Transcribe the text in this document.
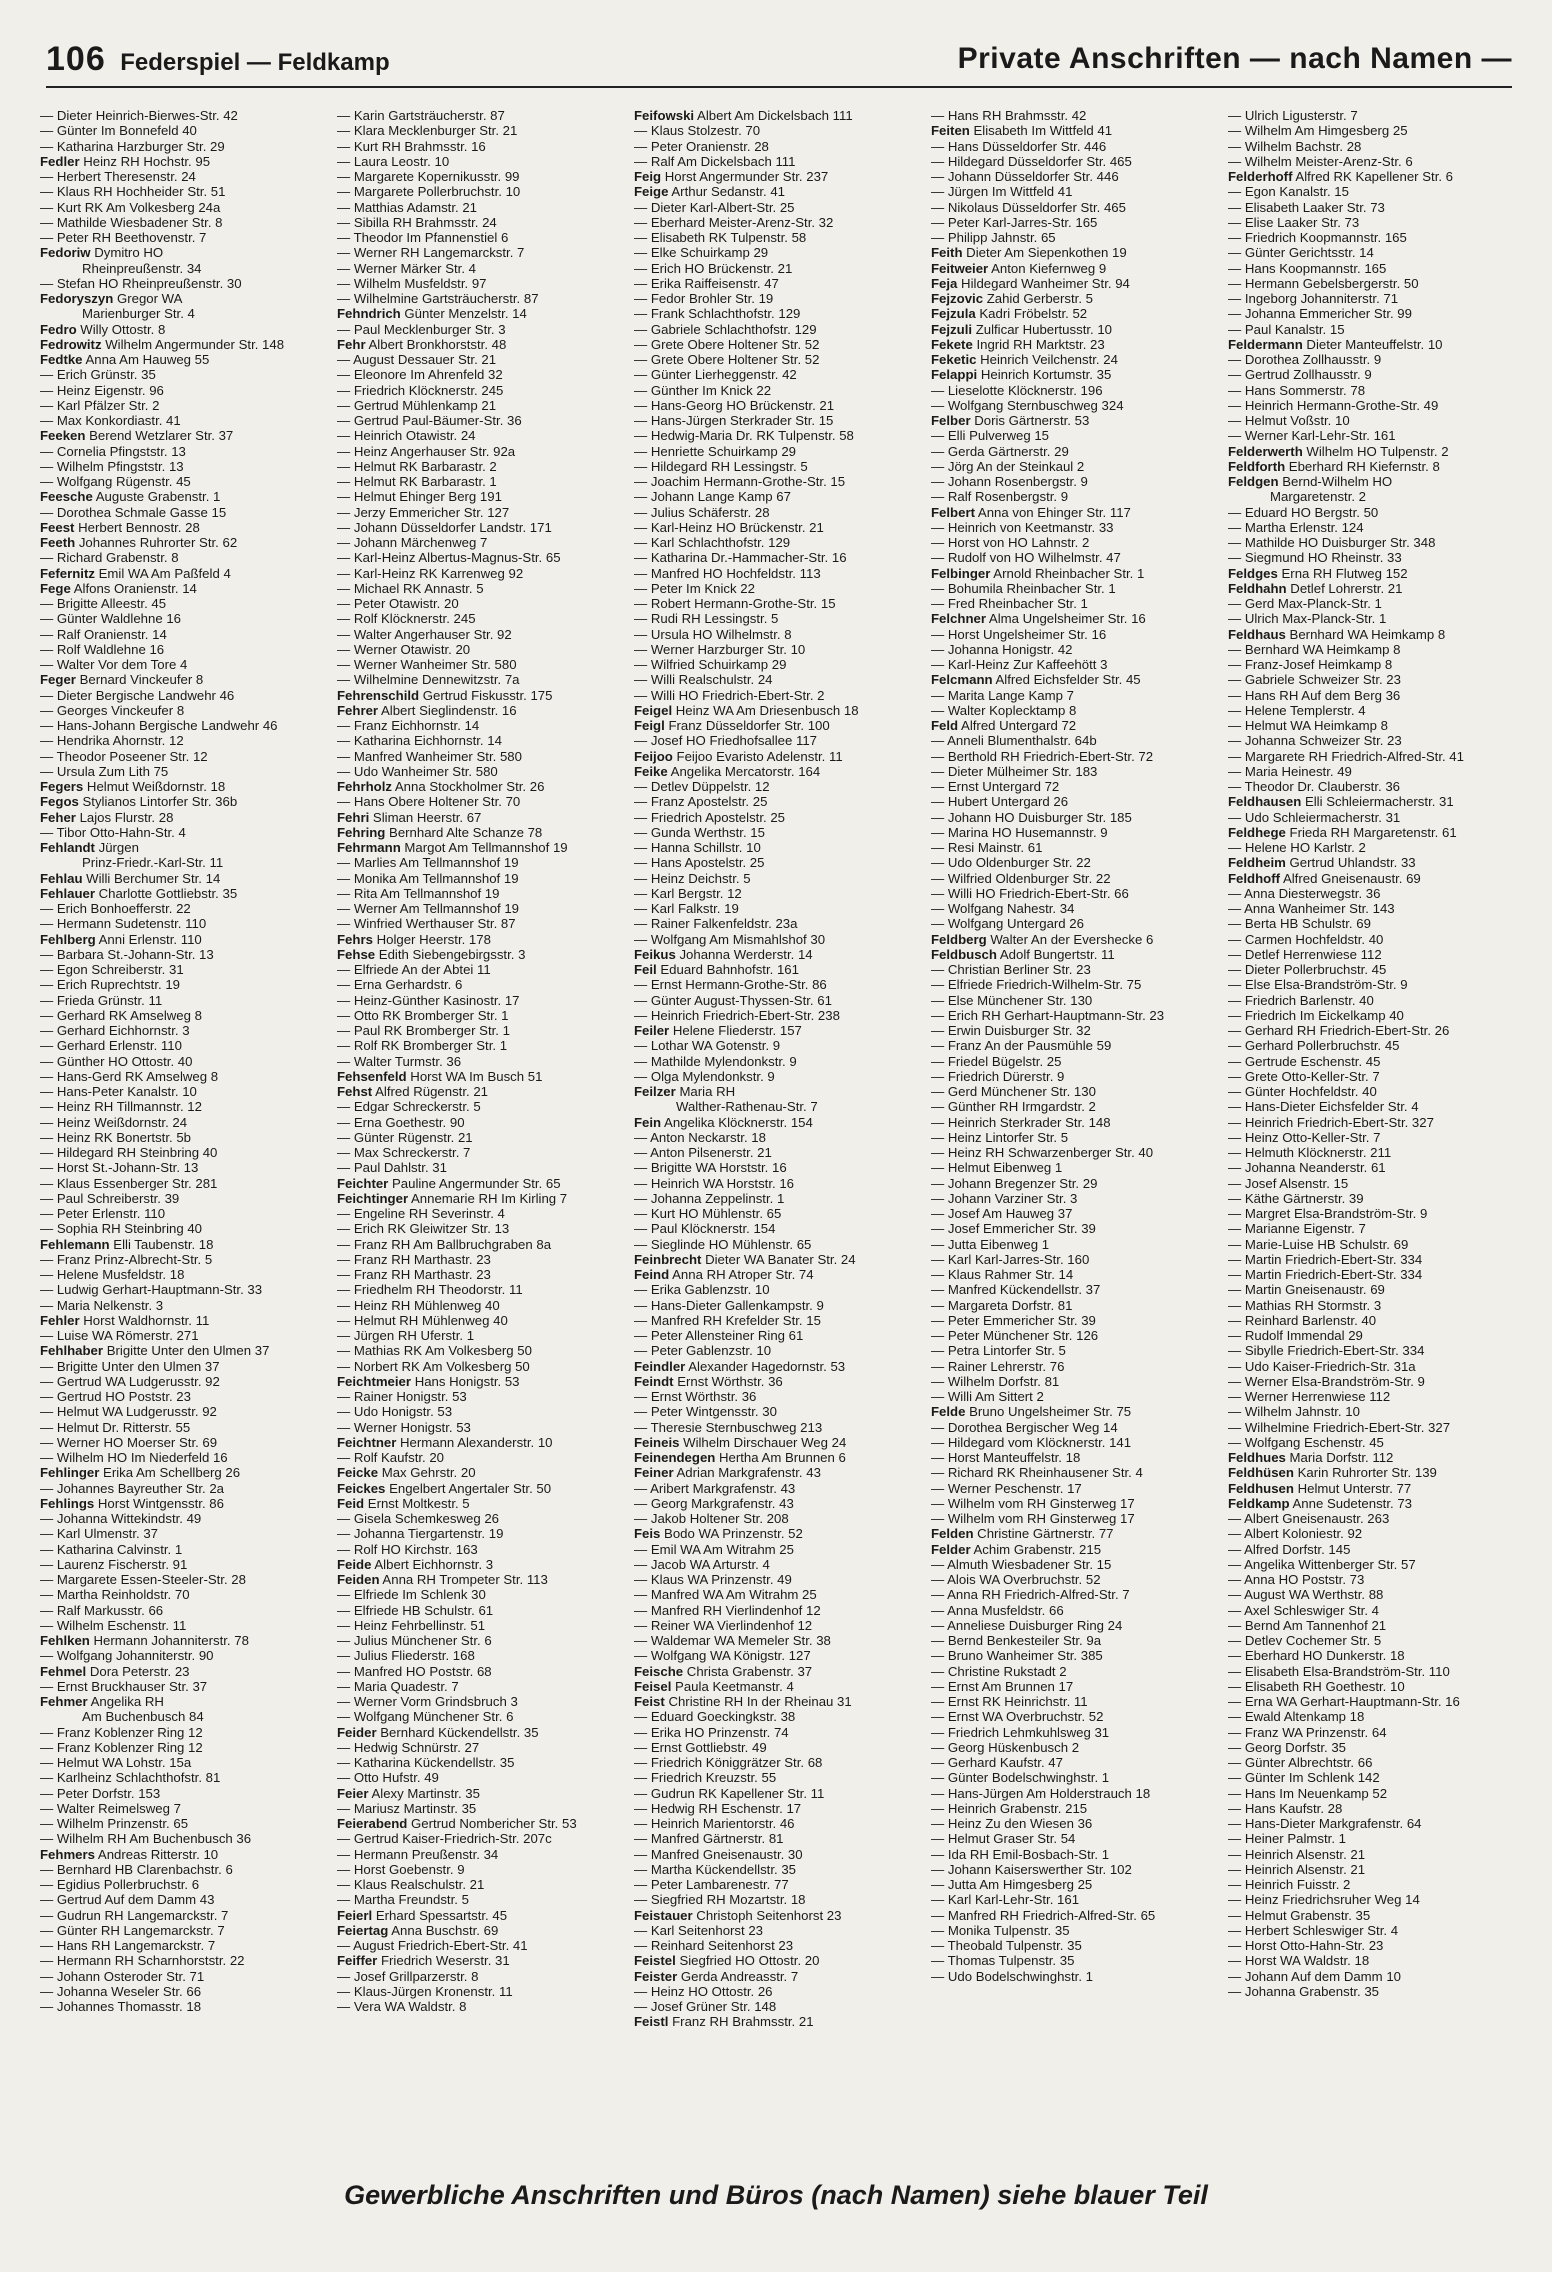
106 Federspiel — Feldkamp	Private Anschriften — nach Namen —
— Dieter Heinrich-Bierwes-Str. 42
— Günter Im Bonnefeld 40
— Katharina Harzburger Str. 29
Fedler Heinz RH Hochstr. 95
— Herbert Theresenstr. 24
— Klaus RH Hochheider Str. 51
— Kurt RK Am Volkesberg 24a
— Mathilde Wiesbadener Str. 8
— Peter RH Beethovenstr. 7
Fedoriw Dymitro HO
Rheinpreußenstr. 34
— Stefan HO Rheinpreußenstr. 30
Fedoryszyn Gregor WA
Marienburger Str. 4
Fedro Willy Ottostr. 8
Fedrowitz Wilhelm Angermunder Str. 148
Fedtke Anna Am Hauweg 55
— Erich Grünstr. 35
— Heinz Eigenstr. 96
— Karl Pfälzer Str. 2
— Max Konkordiastr. 41
Feeken Berend Wetzlarer Str. 37
— Cornelia Pfingststr. 13
— Wilhelm Pfingststr. 13
— Wolfgang Rügenstr. 45
Feesche Auguste Grabenstr. 1
— Dorothea Schmale Gasse 15
Feest Herbert Bennostr. 28
Feeth Johannes Ruhrorter Str. 62
— Richard Grabenstr. 8
Fefernitz Emil WA Am Paßfeld 4
Fege Alfons Oranienstr. 14
— Brigitte Alleestr. 45
— Günter Waldlehne 16
— Ralf Oranienstr. 14
— Rolf Waldlehne 16
— Walter Vor dem Tore 4
Feger Bernard Vinckeufer 8
— Dieter Bergische Landwehr 46
— Georges Vinckeufer 8
— Hans-Johann Bergische Landwehr 46
— Hendrika Ahornstr. 12
— Theodor Poseener Str. 12
— Ursula Zum Lith 75
Fegers Helmut Weißdornstr. 18
Fegos Stylianos Lintorfer Str. 36b
Feher Lajos Flurstr. 28
— Tibor Otto-Hahn-Str. 4
Fehlandt Jürgen
Prinz-Friedr.-Karl-Str. 11
Fehlau Willi Berchumer Str. 14
Fehlauer Charlotte Gottliebstr. 35
— Erich Bonhoefferstr. 22
— Hermann Sudetenstr. 110
Fehlberg Anni Erlenstr. 110
— Barbara St.-Johann-Str. 13
— Egon Schreiberstr. 31
— Erich Ruprechtstr. 19
— Frieda Grünstr. 11
— Gerhard RK Amselweg 8
— Gerhard Eichhornstr. 3
— Gerhard Erlenstr. 110
— Günther HO Ottostr. 40
— Hans-Gerd RK Amselweg 8
— Hans-Peter Kanalstr. 10
— Heinz RH Tillmannstr. 12
— Heinz Weißdornstr. 24
— Heinz RK Bonertstr. 5b
— Hildegard RH Steinbring 40
— Horst St.-Johann-Str. 13
— Klaus Essenberger Str. 281
— Paul Schreiberstr. 39
— Peter Erlenstr. 110
— Sophia RH Steinbring 40
Fehlemann Elli Taubenstr. 18
— Franz Prinz-Albrecht-Str. 5
— Helene Musfeldstr. 18
— Ludwig Gerhart-Hauptmann-Str. 33
— Maria Nelkenstr. 3
Fehler Horst Waldhornstr. 11
— Luise WA Römerstr. 271
Fehlhaber Brigitte Unter den Ulmen 37
— Brigitte Unter den Ulmen 37
— Gertrud WA Ludgerusstr. 92
— Gertrud HO Poststr. 23
— Helmut WA Ludgerusstr. 92
— Helmut Dr. Ritterstr. 55
— Werner HO Moerser Str. 69
— Wilhelm HO Im Niederfeld 16
Fehlinger Erika Am Schellberg 26
— Johannes Bayreuther Str. 2a
Fehlings Horst Wintgensstr. 86
— Johanna Wittekindstr. 49
— Karl Ulmenstr. 37
— Katharina Calvinstr. 1
— Laurenz Fischerstr. 91
— Margarete Essen-Steeler-Str. 28
— Martha Reinholdstr. 70
— Ralf Markusstr. 66
— Wilhelm Eschenstr. 11
Fehlken Hermann Johanniterstr. 78
— Wolfgang Johanniterstr. 90
Fehmel Dora Peterstr. 23
— Ernst Bruckhauser Str. 37
Fehmer Angelika RH
Am Buchenbusch 84
— Franz Koblenzer Ring 12
— Franz Koblenzer Ring 12
— Helmut WA Lohstr. 15a
— Karlheinz Schlachthofstr. 81
— Peter Dorfstr. 153
— Walter Reimelsweg 7
— Wilhelm Prinzenstr. 65
— Wilhelm RH Am Buchenbusch 36
Fehmers Andreas Ritterstr. 10
— Bernhard HB Clarenbachstr. 6
— Egidius Pollerbruchstr. 6
— Gertrud Auf dem Damm 43
— Gudrun RH Langemarckstr. 7
— Günter RH Langemarckstr. 7
— Hans RH Langemarckstr. 7
— Hermann RH Scharnhorststr. 22
— Johann Osteroder Str. 71
— Johanna Weseler Str. 66
— Johannes Thomasstr. 18
— Karin Gartsträucherstr. 87
— Klara Mecklenburger Str. 21
— Kurt RH Brahmsstr. 16
— Laura Leostr. 10
— Margarete Kopernikusstr. 99
— Margarete Pollerbruchstr. 10
— Matthias Adamstr. 21
— Sibilla RH Brahmsstr. 24
— Theodor Im Pfannenstiel 6
— Werner RH Langemarckstr. 7
— Werner Märker Str. 4
— Wilhelm Musfeldstr. 97
— Wilhelmine Gartsträucherstr. 87
Fehndrich Günter Menzelstr. 14
— Paul Mecklenburger Str. 3
Fehr Albert Bronkhorststr. 48
— August Dessauer Str. 21
— Eleonore Im Ahrenfeld 32
— Friedrich Klöcknerstr. 245
— Gertrud Mühlenkamp 21
— Gertrud Paul-Bäumer-Str. 36
— Heinrich Otawistr. 24
— Heinz Angerhauser Str. 92a
— Helmut RK Barbarastr. 2
— Helmut RK Barbarastr. 1
— Helmut Ehinger Berg 191
— Jerzy Emmericher Str. 127
— Johann Düsseldorfer Landstr. 171
— Johann Märchenweg 7
— Karl-Heinz Albertus-Magnus-Str. 65
— Karl-Heinz RK Karrenweg 92
— Michael RK Annastr. 5
— Peter Otawistr. 20
— Rolf Klöcknerstr. 245
— Walter Angerhauser Str. 92
— Werner Otawistr. 20
— Werner Wanheimer Str. 580
— Wilhelmine Dennewitzstr. 7a
Fehrenschild Gertrud Fiskusstr. 175
Fehrer Albert Sieglindenstr. 16
— Franz Eichhornstr. 14
— Katharina Eichhornstr. 14
— Manfred Wanheimer Str. 580
— Udo Wanheimer Str. 580
Fehrholz Anna Stockholmer Str. 26
— Hans Obere Holtener Str. 70
Fehri Sliman Heerstr. 67
Fehring Bernhard Alte Schanze 78
Fehrmann Margot Am Tellmannshof 19
— Marlies Am Tellmannshof 19
— Monika Am Tellmannshof 19
— Rita Am Tellmannshof 19
— Werner Am Tellmannshof 19
— Winfried Werthauser Str. 87
Fehrs Holger Heerstr. 178
Fehse Edith Siebengebirgsstr. 3
— Elfriede An der Abtei 11
— Erna Gerhardstr. 6
— Heinz-Günther Kasinostr. 17
— Otto RK Bromberger Str. 1
— Paul RK Bromberger Str. 1
— Rolf RK Bromberger Str. 1
— Walter Turmstr. 36
Fehsenfeld Horst WA Im Busch 51
Fehst Alfred Rügenstr. 21
— Edgar Schreckerstr. 5
— Erna Goethestr. 90
— Günter Rügenstr. 21
— Max Schreckerstr. 7
— Paul Dahlstr. 31
Feichter Pauline Angermunder Str. 65
Feichtinger Annemarie RH Im Kirling 7
— Engeline RH Severinstr. 4
— Erich RK Gleiwitzer Str. 13
— Franz RH Am Ballbruchgraben 8a
— Franz RH Marthastr. 23
— Franz RH Marthastr. 23
— Friedhelm RH Theodorstr. 11
— Heinz RH Mühlenweg 40
— Helmut RH Mühlenweg 40
— Jürgen RH Uferstr. 1
— Mathias RK Am Volkesberg 50
— Norbert RK Am Volkesberg 50
Feichtmeier Hans Honigstr. 53
— Rainer Honigstr. 53
— Udo Honigstr. 53
— Werner Honigstr. 53
Feichtner Hermann Alexanderstr. 10
— Rolf Kaufstr. 20
Feicke Max Gehrstr. 20
Feickes Engelbert Angertaler Str. 50
Feid Ernst Moltkestr. 5
— Gisela Schemkesweg 26
— Johanna Tiergartenstr. 19
— Rolf HO Kirchstr. 163
Feide Albert Eichhornstr. 3
Feiden Anna RH Trompeter Str. 113
— Elfriede Im Schlenk 30
— Elfriede HB Schulstr. 61
— Heinz Fehrbellinstr. 51
— Julius Münchener Str. 6
— Julius Fliederstr. 168
— Manfred HO Poststr. 68
— Maria Quadestr. 7
— Werner Vorm Grindsbruch 3
— Wolfgang Münchener Str. 6
Feider Bernhard Kückendellstr. 35
— Hedwig Schnürstr. 27
— Katharina Kückendellstr. 35
— Otto Hufstr. 49
Feier Alexy Martinstr. 35
— Mariusz Martinstr. 35
Feierabend Gertrud Nombericher Str. 53
— Gertrud Kaiser-Friedrich-Str. 207c
— Hermann Preußenstr. 34
— Horst Goebenstr. 9
— Klaus Realschulstr. 21
— Martha Freundstr. 5
Feierl Erhard Spessartstr. 45
Feiertag Anna Buschstr. 69
— August Friedrich-Ebert-Str. 41
Feiffer Friedrich Weserstr. 31
— Josef Grillparzerstr. 8
— Klaus-Jürgen Kronenstr. 11
— Vera WA Waldstr. 8
Feifowski Albert Am Dickelsbach 111
— Klaus Stolzestr. 70
— Peter Oranienstr. 28
— Ralf Am Dickelsbach 111
Feig Horst Angermunder Str. 237
Feige Arthur Sedanstr. 41
— Dieter Karl-Albert-Str. 25
— Eberhard Meister-Arenz-Str. 32
— Elisabeth RK Tulpenstr. 58
— Elke Schuirkamp 29
— Erich HO Brückenstr. 21
— Erika Raiffeisenstr. 47
— Fedor Brohler Str. 19
— Frank Schlachthofstr. 129
— Gabriele Schlachthofstr. 129
— Grete Obere Holtener Str. 52
— Grete Obere Holtener Str. 52
— Günter Lierheggenstr. 42
— Günther Im Knick 22
— Hans-Georg HO Brückenstr. 21
— Hans-Jürgen Sterkrader Str. 15
— Hedwig-Maria Dr. RK Tulpenstr. 58
— Henriette Schuirkamp 29
— Hildegard RH Lessingstr. 5
— Joachim Hermann-Grothe-Str. 15
— Johann Lange Kamp 67
— Julius Schäferstr. 28
— Karl-Heinz HO Brückenstr. 21
— Karl Schlachthofstr. 129
— Katharina Dr.-Hammacher-Str. 16
— Manfred HO Hochfeldstr. 113
— Peter Im Knick 22
— Robert Hermann-Grothe-Str. 15
— Rudi RH Lessingstr. 5
— Ursula HO Wilhelmstr. 8
— Werner Harzburger Str. 10
— Wilfried Schuirkamp 29
— Willi Realschulstr. 24
— Willi HO Friedrich-Ebert-Str. 2
Feigel Heinz WA Am Driesenbusch 18
Feigl Franz Düsseldorfer Str. 100
— Josef HO Friedhofsallee 117
Feijoo Feijoo Evaristo Adelenstr. 11
Feike Angelika Mercatorstr. 164
— Detlev Düppelstr. 12
— Franz Apostelstr. 25
— Friedrich Apostelstr. 25
— Gunda Werthstr. 15
— Hanna Schillstr. 10
— Hans Apostelstr. 25
— Heinz Deichstr. 5
— Karl Bergstr. 12
— Karl Falkstr. 19
— Rainer Falkenfeldstr. 23a
— Wolfgang Am Mismahlshof 30
Feikus Johanna Werderstr. 14
Feil Eduard Bahnhofstr. 161
— Ernst Hermann-Grothe-Str. 86
— Günter August-Thyssen-Str. 61
— Heinrich Friedrich-Ebert-Str. 238
Feiler Helene Fliederstr. 157
— Lothar WA Gotenstr. 9
— Mathilde Mylendonkstr. 9
— Olga Mylendonkstr. 9
Feilzer Maria RH
Walther-Rathenau-Str. 7
Fein Angelika Klöcknerstr. 154
— Anton Neckarstr. 18
— Anton Pilsenerstr. 21
— Brigitte WA Horststr. 16
— Heinrich WA Horststr. 16
— Johanna Zeppelinstr. 1
— Kurt HO Mühlenstr. 65
— Paul Klöcknerstr. 154
— Sieglinde HO Mühlenstr. 65
Feinbrecht Dieter WA Banater Str. 24
Feind Anna RH Atroper Str. 74
— Erika Gablenzstr. 10
— Hans-Dieter Gallenkampstr. 9
— Manfred RH Krefelder Str. 15
— Peter Allensteiner Ring 61
— Peter Gablenzstr. 10
Feindler Alexander Hagedornstr. 53
Feindt Ernst Wörthstr. 36
— Ernst Wörthstr. 36
— Peter Wintgensstr. 30
— Theresie Sternbuschweg 213
Feineis Wilhelm Dirschauer Weg 24
Feinendegen Hertha Am Brunnen 6
Feiner Adrian Markgrafenstr. 43
— Aribert Markgrafenstr. 43
— Georg Markgrafenstr. 43
— Jakob Holtener Str. 208
Feis Bodo WA Prinzenstr. 52
— Emil WA Am Witrahm 25
— Jacob WA Arturstr. 4
— Klaus WA Prinzenstr. 49
— Manfred WA Am Witrahm 25
— Manfred RH Vierlindenhof 12
— Reiner WA Vierlindenhof 12
— Waldemar WA Memeler Str. 38
— Wolfgang WA Königstr. 127
Feische Christa Grabenstr. 37
Feisel Paula Keetmanstr. 4
Feist Christine RH In der Rheinau 31
— Eduard Goeckingkstr. 38
— Erika HO Prinzenstr. 74
— Ernst Gottliebstr. 49
— Friedrich Königgrätzer Str. 68
— Friedrich Kreuzstr. 55
— Gudrun RK Kapellener Str. 11
— Hedwig RH Eschenstr. 17
— Heinrich Marientorstr. 46
— Manfred Gärtnerstr. 81
— Manfred Gneisenaustr. 30
— Martha Kückendellstr. 35
— Peter Lambarenestr. 77
— Siegfried RH Mozartstr. 18
Feistauer Christoph Seitenhorst 23
— Karl Seitenhorst 23
— Reinhard Seitenhorst 23
Feistel Siegfried HO Ottostr. 20
Feister Gerda Andreasstr. 7
— Heinz HO Ottostr. 26
— Josef Grüner Str. 148
Feistl Franz RH Brahmsstr. 21
— Hans RH Brahmsstr. 42
Feiten Elisabeth Im Wittfeld 41
— Hans Düsseldorfer Str. 446
— Hildegard Düsseldorfer Str. 465
— Johann Düsseldorfer Str. 446
— Jürgen Im Wittfeld 41
— Nikolaus Düsseldorfer Str. 465
— Peter Karl-Jarres-Str. 165
— Philipp Jahnstr. 65
Feith Dieter Am Siepenkothen 19
Feitweier Anton Kiefernweg 9
Feja Hildegard Wanheimer Str. 94
Fejzovic Zahid Gerberstr. 5
Fejzula Kadri Fröbelstr. 52
Fejzuli Zulficar Hubertusstr. 10
Fekete Ingrid RH Marktstr. 23
Feketic Heinrich Veilchenstr. 24
Felappi Heinrich Kortumstr. 35
— Lieselotte Klöcknerstr. 196
— Wolfgang Sternbuschweg 324
Felber Doris Gärtnerstr. 53
— Elli Pulverweg 15
— Gerda Gärtnerstr. 29
— Jörg An der Steinkaul 2
— Johann Rosenbergstr. 9
— Ralf Rosenbergstr. 9
Felbert Anna von Ehinger Str. 117
— Heinrich von Keetmanstr. 33
— Horst von HO Lahnstr. 2
— Rudolf von HO Wilhelmstr. 47
Felbinger Arnold Rheinbacher Str. 1
— Bohumila Rheinbacher Str. 1
— Fred Rheinbacher Str. 1
Felchner Alma Ungelsheimer Str. 16
— Horst Ungelsheimer Str. 16
— Johanna Honigstr. 42
— Karl-Heinz Zur Kaffeehött 3
Felcmann Alfred Eichsfelder Str. 45
— Marita Lange Kamp 7
— Walter Koplecktamp 8
Feld Alfred Untergard 72
— Anneli Blumenthalstr. 64b
— Berthold RH Friedrich-Ebert-Str. 72
— Dieter Mülheimer Str. 183
— Ernst Untergard 72
— Hubert Untergard 26
— Johann HO Duisburger Str. 185
— Marina HO Husemannstr. 9
— Resi Mainstr. 61
— Udo Oldenburger Str. 22
— Wilfried Oldenburger Str. 22
— Willi HO Friedrich-Ebert-Str. 66
— Wolfgang Nahestr. 34
— Wolfgang Untergard 26
Feldberg Walter An der Evershecke 6
Feldbusch Adolf Bungertstr. 11
— Christian Berliner Str. 23
— Elfriede Friedrich-Wilhelm-Str. 75
— Else Münchener Str. 130
— Erich RH Gerhart-Hauptmann-Str. 23
— Erwin Duisburger Str. 32
— Franz An der Pausmühle 59
— Friedel Bügelstr. 25
— Friedrich Dürerstr. 9
— Gerd Münchener Str. 130
— Günther RH Irmgardstr. 2
— Heinrich Sterkrader Str. 148
— Heinz Lintorfer Str. 5
— Heinz RH Schwarzenberger Str. 40
— Helmut Eibenweg 1
— Johann Bregenzer Str. 29
— Johann Varziner Str. 3
— Josef Am Hauweg 37
— Josef Emmericher Str. 39
— Jutta Eibenweg 1
— Karl Karl-Jarres-Str. 160
— Klaus Rahmer Str. 14
— Manfred Kückendellstr. 37
— Margareta Dorfstr. 81
— Peter Emmericher Str. 39
— Peter Münchener Str. 126
— Petra Lintorfer Str. 5
— Rainer Lehrerstr. 76
— Wilhelm Dorfstr. 81
— Willi Am Sittert 2
Felde Bruno Ungelsheimer Str. 75
— Dorothea Bergischer Weg 14
— Hildegard vom Klöcknerstr. 141
— Horst Manteuffelstr. 18
— Richard RK Rheinhausener Str. 4
— Werner Peschenstr. 17
— Wilhelm vom RH Ginsterweg 17
— Wilhelm vom RH Ginsterweg 17
Felden Christine Gärtnerstr. 77
Felder Achim Grabenstr. 215
— Almuth Wiesbadener Str. 15
— Alois WA Overbruchstr. 52
— Anna RH Friedrich-Alfred-Str. 7
— Anna Musfeldstr. 66
— Anneliese Duisburger Ring 24
— Bernd Benkesteiler Str. 9a
— Bruno Wanheimer Str. 385
— Christine Rukstadt 2
— Ernst Am Brunnen 17
— Ernst RK Heinrichstr. 11
— Ernst WA Overbruchstr. 52
— Friedrich Lehmkuhlsweg 31
— Georg Hüskenbusch 2
— Gerhard Kaufstr. 47
— Günter Bodelschwinghstr. 1
— Hans-Jürgen Am Holderstrauch 18
— Heinrich Grabenstr. 215
— Heinz Zu den Wiesen 36
— Helmut Graser Str. 54
— Ida RH Emil-Bosbach-Str. 1
— Johann Kaiserswerther Str. 102
— Jutta Am Himgesberg 25
— Karl Karl-Lehr-Str. 161
— Manfred RH Friedrich-Alfred-Str. 65
— Monika Tulpenstr. 35
— Theobald Tulpenstr. 35
— Thomas Tulpenstr. 35
— Udo Bodelschwinghstr. 1
— Ulrich Ligusterstr. 7
— Wilhelm Am Himgesberg 25
— Wilhelm Bachstr. 28
— Wilhelm Meister-Arenz-Str. 6
Felderhoff Alfred RK Kapellener Str. 6
— Egon Kanalstr. 15
— Elisabeth Laaker Str. 73
— Elise Laaker Str. 73
— Friedrich Koopmannstr. 165
— Günter Gerichtsstr. 14
— Hans Koopmannstr. 165
— Hermann Gebelsbergerstr. 50
— Ingeborg Johanniterstr. 71
— Johanna Emmericher Str. 99
— Paul Kanalstr. 15
Feldermann Dieter Manteuffelstr. 10
— Dorothea Zollhausstr. 9
— Gertrud Zollhausstr. 9
— Hans Sommerstr. 78
— Heinrich Hermann-Grothe-Str. 49
— Helmut Voßstr. 10
— Werner Karl-Lehr-Str. 161
Felderwerth Wilhelm HO Tulpenstr. 2
Feldforth Eberhard RH Kiefernstr. 8
Feldgen Bernd-Wilhelm HO
Margaretenstr. 2
— Eduard HO Bergstr. 50
— Martha Erlenstr. 124
— Mathilde HO Duisburger Str. 348
— Siegmund HO Rheinstr. 33
Feldges Erna RH Flutweg 152
Feldhahn Detlef Lohrerstr. 21
— Gerd Max-Planck-Str. 1
— Ulrich Max-Planck-Str. 1
Feldhaus Bernhard WA Heimkamp 8
— Bernhard WA Heimkamp 8
— Franz-Josef Heimkamp 8
— Gabriele Schweizer Str. 23
— Hans RH Auf dem Berg 36
— Helene Templerstr. 4
— Helmut WA Heimkamp 8
— Johanna Schweizer Str. 23
— Margarete RH Friedrich-Alfred-Str. 41
— Maria Heinestr. 49
— Theodor Dr. Clauberstr. 36
Feldhausen Elli Schleiermacherstr. 31
— Udo Schleiermacherstr. 31
Feldhege Frieda RH Margaretenstr. 61
— Helene HO Karlstr. 2
Feldheim Gertrud Uhlandstr. 33
Feldhoff Alfred Gneisenaustr. 69
— Anna Diesterwegstr. 36
— Anna Wanheimer Str. 143
— Berta HB Schulstr. 69
— Carmen Hochfeldstr. 40
— Detlef Herrenwiese 112
— Dieter Pollerbruchstr. 45
— Else Elsa-Brandström-Str. 9
— Friedrich Barlenstr. 40
— Friedrich Im Eickelkamp 40
— Gerhard RH Friedrich-Ebert-Str. 26
— Gerhard Pollerbruchstr. 45
— Gertrude Eschenstr. 45
— Grete Otto-Keller-Str. 7
— Günter Hochfeldstr. 40
— Hans-Dieter Eichsfelder Str. 4
— Heinrich Friedrich-Ebert-Str. 327
— Heinz Otto-Keller-Str. 7
— Helmuth Klöcknerstr. 211
— Johanna Neanderstr. 61
— Josef Alsenstr. 15
— Käthe Gärtnerstr. 39
— Margret Elsa-Brandström-Str. 9
— Marianne Eigenstr. 7
— Marie-Luise HB Schulstr. 69
— Martin Friedrich-Ebert-Str. 334
— Martin Friedrich-Ebert-Str. 334
— Martin Gneisenaustr. 69
— Mathias RH Stormstr. 3
— Reinhard Barlenstr. 40
— Rudolf Immendal 29
— Sibylle Friedrich-Ebert-Str. 334
— Udo Kaiser-Friedrich-Str. 31a
— Werner Elsa-Brandström-Str. 9
— Werner Herrenwiese 112
— Wilhelm Jahnstr. 10
— Wilhelmine Friedrich-Ebert-Str. 327
— Wolfgang Eschenstr. 45
Feldhues Maria Dorfstr. 112
Feldhüsen Karin Ruhrorter Str. 139
Feldhusen Helmut Unterstr. 77
Feldkamp Anne Sudetenstr. 73
— Albert Gneisenaustr. 263
— Albert Koloniestr. 92
— Alfred Dorfstr. 145
— Angelika Wittenberger Str. 57
— Anna HO Poststr. 73
— August WA Werthstr. 88
— Axel Schleswiger Str. 4
— Bernd Am Tannenhof 21
— Detlev Cochemer Str. 5
— Eberhard HO Dunkerstr. 18
— Elisabeth Elsa-Brandström-Str. 110
— Elisabeth RH Goethestr. 10
— Erna WA Gerhart-Hauptmann-Str. 16
— Ewald Altenkamp 18
— Franz WA Prinzenstr. 64
— Georg Dorfstr. 35
— Günter Albrechtstr. 66
— Günter Im Schlenk 142
— Hans Im Neuenkamp 52
— Hans Kaufstr. 28
— Hans-Dieter Markgrafenstr. 64
— Heiner Palmstr. 1
— Heinrich Alsenstr. 21
— Heinrich Alsenstr. 21
— Heinrich Fuisstr. 2
— Heinz Friedrichsruher Weg 14
— Helmut Grabenstr. 35
— Herbert Schleswiger Str. 4
— Horst Otto-Hahn-Str. 23
— Horst WA Waldstr. 18
— Johann Auf dem Damm 10
— Johanna Grabenstr. 35
Gewerbliche Anschriften und Büros (nach Namen) siehe blauer Teil
